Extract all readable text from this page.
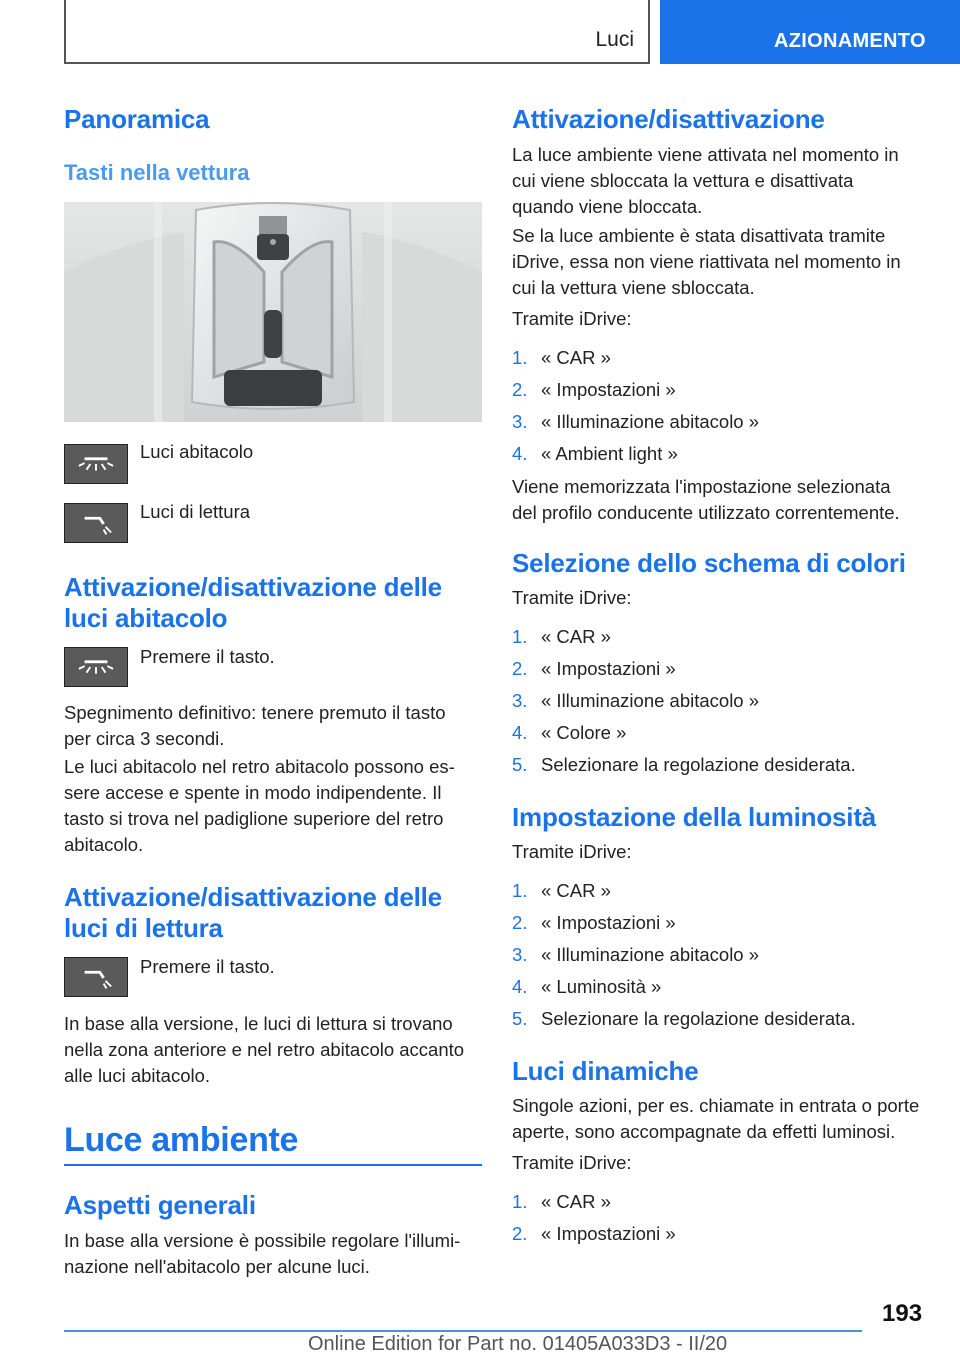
Luci	AZIONAMENTO
Panoramica
Tasti nella vettura
Luci abitacolo
Luci di lettura
Attivazione/disattivazione delle
luci abitacolo
Premere il tasto.

Spegnimento definitivo: tenere premuto il tasto

per circa 3 secondi.

Le luci abitacolo nel retro abitacolo possono es-

sere accese e spente in modo indipendente. Il

tasto si trova nel padiglione superiore del retro

abitacolo.

Attivazione/disattivazione delle
luci di lettura
Premere il tasto.

In base alla versione, le luci di lettura si trovano

nella zona anteriore e nel retro abitacolo accanto

alle luci abitacolo.

Luce ambiente
Aspetti generali

In base alla versione è possibile regolare l'illumi-

nazione nell'abitacolo per alcune luci.

Attivazione/disattivazione

La luce ambiente viene attivata nel momento in

cui viene sbloccata la vettura e disattivata

quando viene bloccata.

Se la luce ambiente è stata disattivata tramite

iDrive, essa non viene riattivata nel momento in

cui la vettura viene sbloccata.

Tramite iDrive:

1. « CAR »
2. « Impostazioni »
3. « Illuminazione abitacolo »
4. « Ambient light »

Viene memorizzata l'impostazione selezionata

del profilo conducente utilizzato correntemente.

Selezione dello schema di colori

Tramite iDrive:

1. « CAR »
2. « Impostazioni »
3. « Illuminazione abitacolo »
4. « Colore »
5. Selezionare la regolazione desiderata.
Impostazione della luminosità

Tramite iDrive:

1. « CAR »
2. « Impostazioni »
3. « Illuminazione abitacolo »
4. « Luminosità »
5. Selezionare la regolazione desiderata.
Luci dinamiche

Singole azioni, per es. chiamate in entrata o porte

aperte, sono accompagnate da effetti luminosi.

Tramite iDrive:

1. « CAR »
2. « Impostazioni »
193
Online Edition for Part no. 01405A033D3 - II/20
